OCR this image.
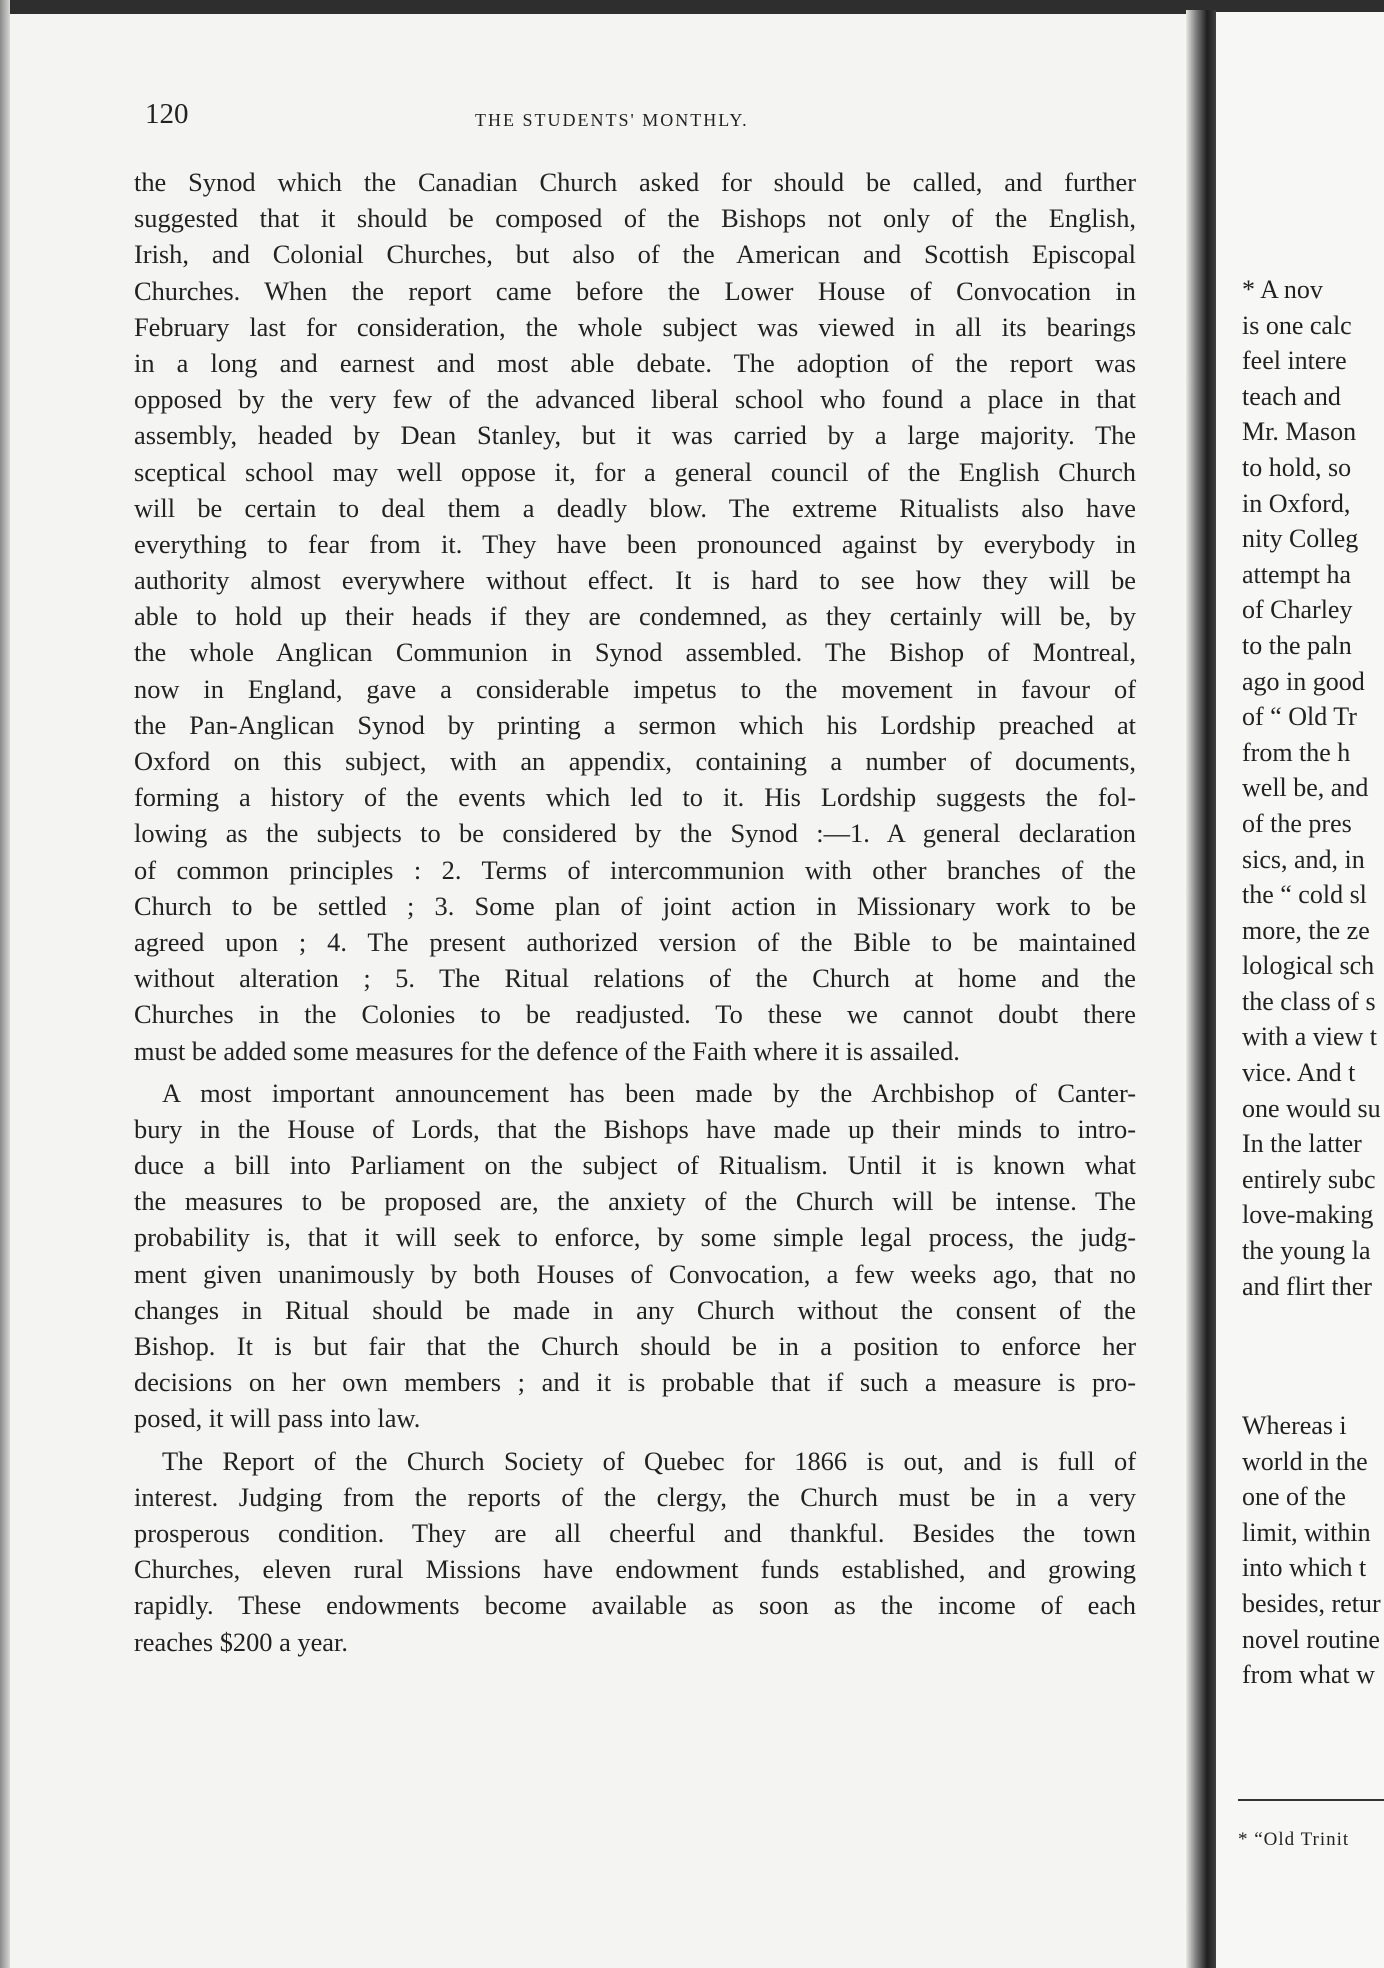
120	THE STUDENTS' MONTHLY.
the Synod which the Canadian Church asked for should be called, and further
suggested that it should be composed of the Bishops not only of the English,
Irish, and Colonial Churches, but also of the American and Scottish Episcopal
Churches. When the report came before the Lower House of Convocation in
February last for consideration, the whole subject was viewed in all its bearings
in a long and earnest and most able debate. The adoption of the report was
opposed by the very few of the advanced liberal school who found a place in that
assembly, headed by Dean Stanley, but it was carried by a large majority. The
sceptical school may well oppose it, for a general council of the English Church
will be certain to deal them a deadly blow. The extreme Ritualists also have
everything to fear from it. They have been pronounced against by everybody in
authority almost everywhere without effect. It is hard to see how they will be
able to hold up their heads if they are condemned, as they certainly will be, by
the whole Anglican Communion in Synod assembled. The Bishop of Montreal,
now in England, gave a considerable impetus to the movement in favour of
the Pan-Anglican Synod by printing a sermon which his Lordship preached at
Oxford on this subject, with an appendix, containing a number of documents,
forming a history of the events which led to it. His Lordship suggests the fol-
lowing as the subjects to be considered by the Synod :—1. A general declaration
of common principles : 2. Terms of intercommunion with other branches of the
Church to be settled ; 3. Some plan of joint action in Missionary work to be
agreed upon ; 4. The present authorized version of the Bible to be maintained
without alteration ; 5. The Ritual relations of the Church at home and the
Churches in the Colonies to be readjusted. To these we cannot doubt there
must be added some measures for the defence of the Faith where it is assailed.
A most important announcement has been made by the Archbishop of Canter-
bury in the House of Lords, that the Bishops have made up their minds to intro-
duce a bill into Parliament on the subject of Ritualism. Until it is known what
the measures to be proposed are, the anxiety of the Church will be intense. The
probability is, that it will seek to enforce, by some simple legal process, the judg-
ment given unanimously by both Houses of Convocation, a few weeks ago, that no
changes in Ritual should be made in any Church without the consent of the
Bishop. It is but fair that the Church should be in a position to enforce her
decisions on her own members ; and it is probable that if such a measure is pro-
posed, it will pass into law.
The Report of the Church Society of Quebec for 1866 is out, and is full of
interest. Judging from the reports of the clergy, the Church must be in a very
prosperous condition. They are all cheerful and thankful. Besides the town
Churches, eleven rural Missions have endowment funds established, and growing
rapidly. These endowments become available as soon as the income of each
reaches $200 a year.
* A nov
is one calc
feel intere
teach and
Mr. Mason
to hold, so
in Oxford,
nity Colleg
attempt ha
of Charley
to the paln
ago in good
of “ Old Tr
from the h
well be, and
of the pres
sics, and, in
the “ cold sl
more, the ze
lological sch
the class of s
with a view t
vice. And t
one would su
In the latter
entirely subc
love-making
the young la
and flirt ther
Whereas i
world in the
one of the
limit, within
into which t
besides, retur
novel routine
from what w
* “Old Trinit
